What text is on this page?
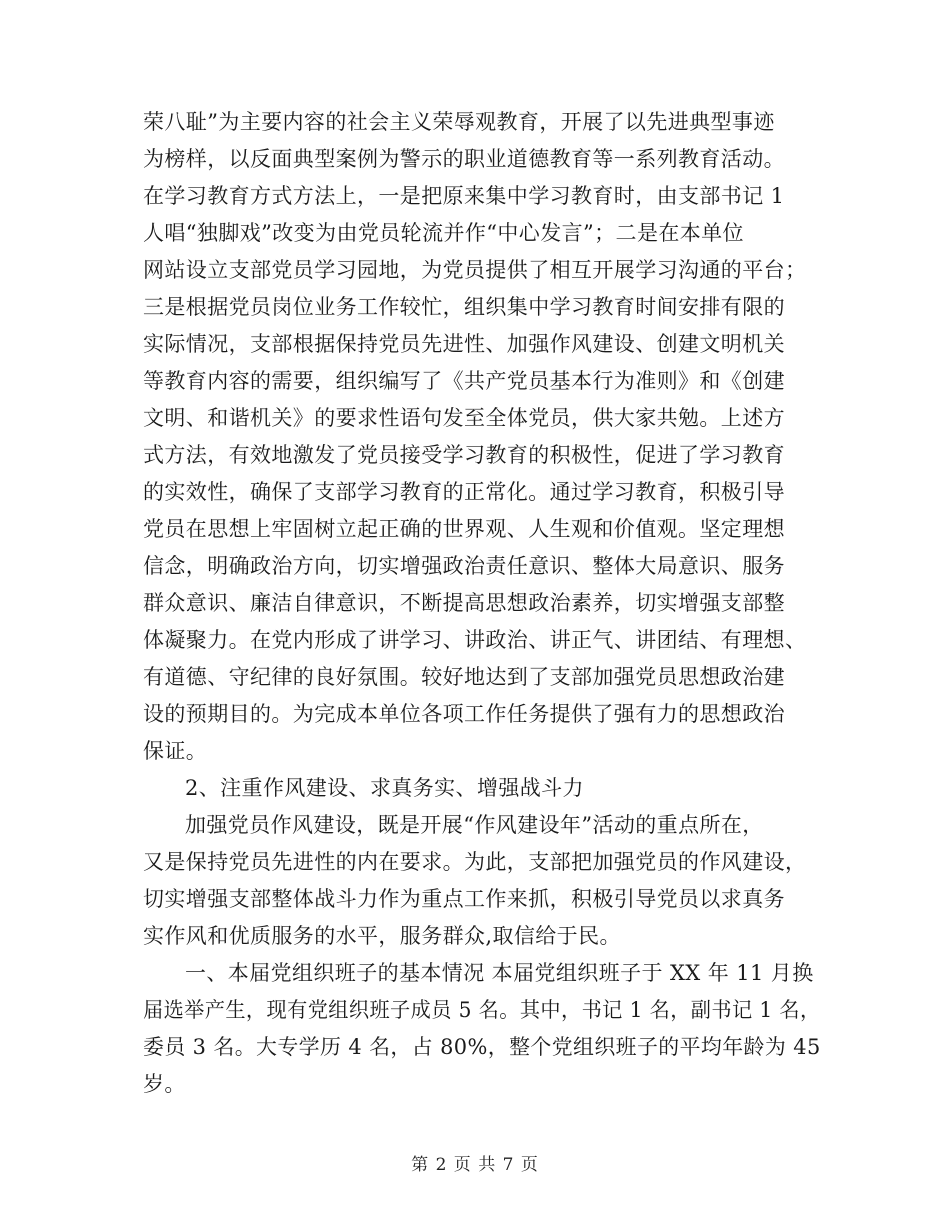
荣八耻”为主要内容的社会主义荣辱观教育，开展了以先进典型事迹
为榜样，以反面典型案例为警示的职业道德教育等一系列教育活动。
在学习教育方式方法上，一是把原来集中学习教育时，由支部书记 1
人唱“独脚戏”改变为由党员轮流并作“中心发言”；二是在本单位
网站设立支部党员学习园地，为党员提供了相互开展学习沟通的平台；
三是根据党员岗位业务工作较忙，组织集中学习教育时间安排有限的
实际情况，支部根据保持党员先进性、加强作风建设、创建文明机关
等教育内容的需要，组织编写了《共产党员基本行为准则》和《创建
文明、和谐机关》的要求性语句发至全体党员，供大家共勉。上述方
式方法，有效地激发了党员接受学习教育的积极性，促进了学习教育
的实效性，确保了支部学习教育的正常化。通过学习教育，积极引导
党员在思想上牢固树立起正确的世界观、人生观和价值观。坚定理想
信念，明确政治方向，切实增强政治责任意识、整体大局意识、服务
群众意识、廉洁自律意识，不断提高思想政治素养，切实增强支部整
体凝聚力。在党内形成了讲学习、讲政治、讲正气、讲团结、有理想、
有道德、守纪律的良好氛围。较好地达到了支部加强党员思想政治建
设的预期目的。为完成本单位各项工作任务提供了强有力的思想政治
保证。
2、注重作风建设、求真务实、增强战斗力
加强党员作风建设，既是开展“作风建设年”活动的重点所在，
又是保持党员先进性的内在要求。为此，支部把加强党员的作风建设，
切实增强支部整体战斗力作为重点工作来抓，积极引导党员以求真务
实作风和优质服务的水平，服务群众,取信给于民。
一、本届党组织班子的基本情况 本届党组织班子于 XX 年 11 月换
届选举产生，现有党组织班子成员 5 名。其中，书记 1 名，副书记 1 名，
委员 3 名。大专学历 4 名，占 80%，整个党组织班子的平均年龄为 45
岁。
第 2 页 共 7 页
